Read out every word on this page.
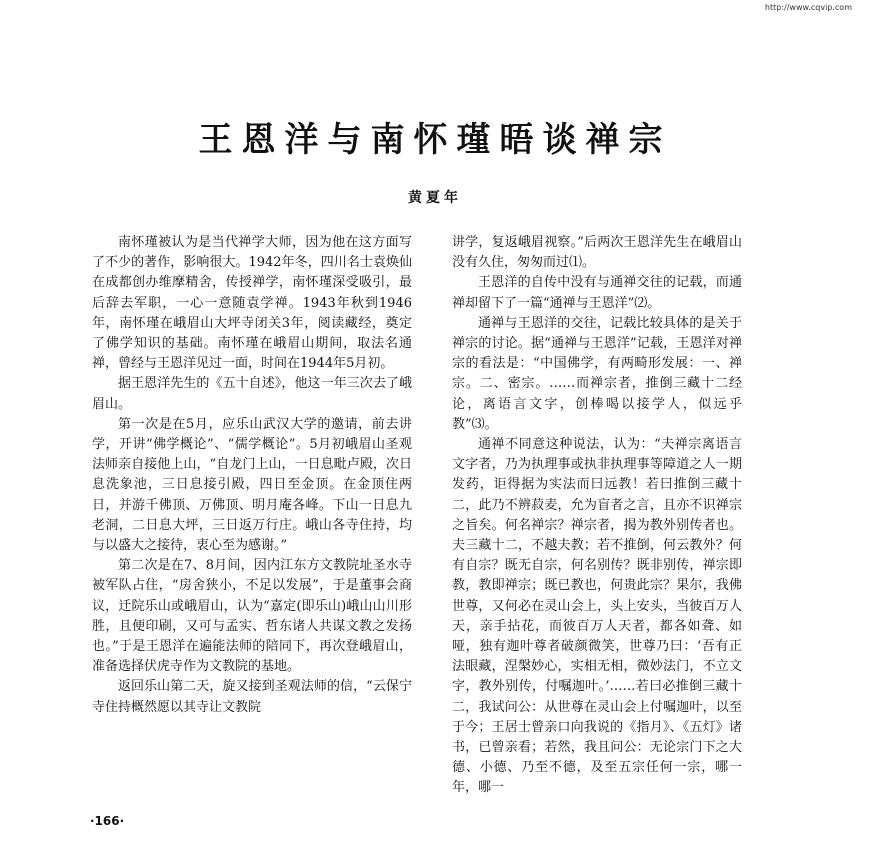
http://www.cqvip.com
王恩洋与南怀瑾晤谈禅宗
黄夏年

南怀瑾被认为是当代禅学大师，因为他在这方面写了不少的著作，影响很大。1942年冬，四川名士袁焕仙在成都创办维摩精舍，传授禅学，南怀瑾深受吸引，最后辞去军职，一心一意随袁学禅。1943年秋到1946年，南怀瑾在峨眉山大坪寺闭关3年，阅读藏经，奠定了佛学知识的基础。南怀瑾在峨眉山期间，取法名通禅，曾经与王恩洋见过一面，时间在1944年5月初。

据王恩洋先生的《五十自述》，他这一年三次去了峨眉山。

第一次是在5月，应乐山武汉大学的邀请，前去讲学，开讲“佛学概论”、“儒学概论”。5月初峨眉山圣观法师亲自接他上山，“自龙门上山，一日息毗卢殿，次日息洗象池，三日息接引殿，四日至金顶。在金顶住两日，并游千佛顶、万佛顶、明月庵各峰。下山一日息九老洞，二日息大坪，三日返万行庄。峨山各寺住持，均与以盛大之接待，衷心至为感谢。”

第二次是在7、8月间，因内江东方文教院址圣水寺被军队占住，“房舍狭小，不足以发展”，于是董事会商议，迁院乐山或峨眉山，认为“嘉定(即乐山)峨山山川形胜，且便印刷，又可与孟实、哲东诸人共谋文教之发扬也。”于是王恩洋在遍能法师的陪同下，再次登峨眉山，准备选择伏虎寺作为文教院的基地。

返回乐山第二天，旋又接到圣观法师的信，“云保宁寺住持概然愿以其寺让文教院

讲学，复返峨眉视察。”后两次王恩洋先生在峨眉山没有久住，匆匆而过⑴。

王恩洋的自传中没有与通禅交往的记载，而通禅却留下了一篇“通禅与王恩洋”⑵。

通禅与王恩洋的交往，记载比较具体的是关于禅宗的讨论。据“通禅与王恩洋”记载，王恩洋对禅宗的看法是：“中国佛学，有两畸形发展：一、禅宗。二、密宗。……而禅宗者，推倒三藏十二经论，离语言文字，创棒喝以接学人，似远乎教”⑶。

通禅不同意这种说法，认为：“夫禅宗离语言文字者，乃为执理事或执非执理事等障道之人一期发药，讵得据为实法而曰远教！若曰推倒三藏十二，此乃不辨菽麦，允为盲者之言，且亦不识禅宗之旨矣。何名禅宗？禅宗者，揭为教外别传者也。夫三藏十二，不越夫教；若不推倒，何云教外？何有自宗？既无自宗，何名别传？既非别传，禅宗即教，教即禅宗；既已教也，何贵此宗？果尔，我佛世尊，又何必在灵山会上，头上安头，当彼百万人天，亲手拈花，而彼百万人天者，都各如聋、如哑，独有迦叶尊者破颜微笑，世尊乃曰：‘吾有正法眼藏，涅槃妙心，实相无相，微妙法门，不立文字，教外别传，付嘱迦叶。’……若曰必推倒三藏十二，我试问公：从世尊在灵山会上付嘱迦叶，以至于今；王居士曾亲口向我说的《指月》、《五灯》诸书，已曾亲看；若然，我且问公：无论宗门下之大德、小德、乃至不德，及至五宗任何一宗，哪一年，哪一

·166·
